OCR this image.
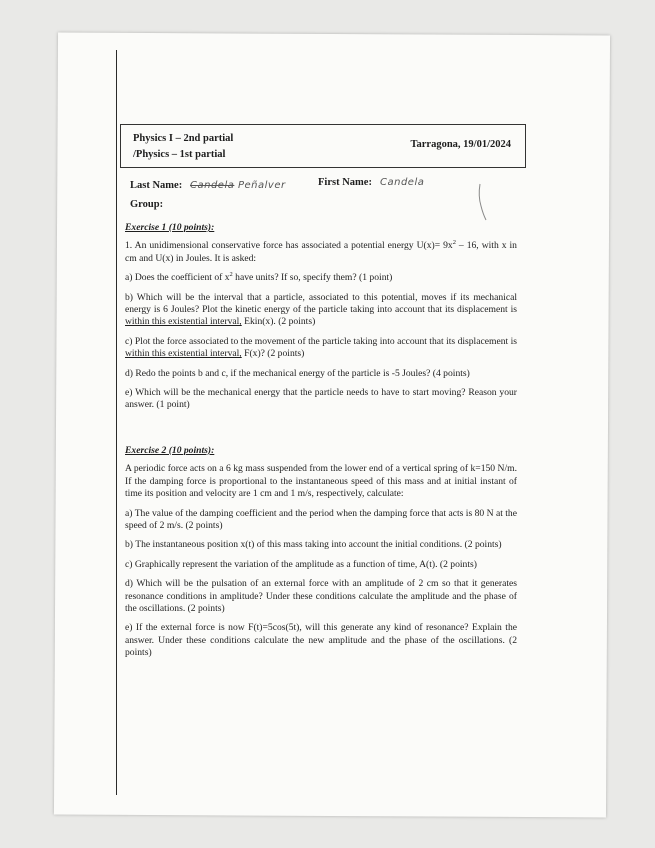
Physics I – 2nd partial
/Physics – 1st partial
Tarragona, 19/01/2024
Last Name: Candela Peñalver	First Name: Candela
Group:
Exercise 1 (10 points):
1. An unidimensional conservative force has associated a potential energy $U(x)= 9x^2 - 16$, with x in cm and U(x) in Joules. It is asked:
a) Does the coefficient of $x^2$ have units? If so, specify them? (1 point)
b) Which will be the interval that a particle, associated to this potential, moves if its mechanical energy is 6 Joules? Plot the kinetic energy of the particle taking into account that its displacement is within this existential interval, Ekin(x). (2 points)
c) Plot the force associated to the movement of the particle taking into account that its displacement is within this existential interval, F(x)? (2 points)
d) Redo the points b and c, if the mechanical energy of the particle is -5 Joules? (4 points)
e) Which will be the mechanical energy that the particle needs to have to start moving? Reason your answer. (1 point)
Exercise 2 (10 points):
A periodic force acts on a 6 kg mass suspended from the lower end of a vertical spring of k=150 N/m. If the damping force is proportional to the instantaneous speed of this mass and at initial instant of time its position and velocity are 1 cm and 1 m/s, respectively, calculate:
a) The value of the damping coefficient and the period when the damping force that acts is 80 N at the speed of 2 m/s. (2 points)
b) The instantaneous position x(t) of this mass taking into account the initial conditions. (2 points)
c) Graphically represent the variation of the amplitude as a function of time, A(t). (2 points)
d) Which will be the pulsation of an external force with an amplitude of 2 cm so that it generates resonance conditions in amplitude? Under these conditions calculate the amplitude and the phase of the oscillations. (2 points)
e) If the external force is now F(t)=5cos(5t), will this generate any kind of resonance? Explain the answer. Under these conditions calculate the new amplitude and the phase of the oscillations. (2 points)
